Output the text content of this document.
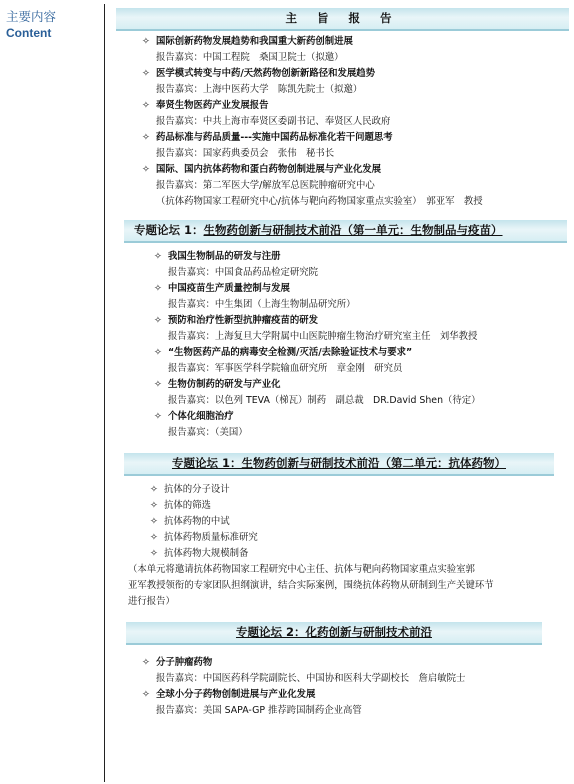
主要内容
Content
主 旨 报 告
✧ 国际创新药物发展趋势和我国重大新药创制进展
报告嘉宾：中国工程院　桑国卫院士（拟邀）
✧ 医学模式转变与中药/天然药物创新新路径和发展趋势
报告嘉宾：上海中医药大学　陈凯先院士（拟邀）
✧ 奉贤生物医药产业发展报告
报告嘉宾：中共上海市奉贤区委副书记、奉贤区人民政府
✧ 药品标准与药品质量---实施中国药品标准化若干问题思考
报告嘉宾：国家药典委员会　张伟　秘书长
✧ 国际、国内抗体药物和蛋白药物创制进展与产业化发展
报告嘉宾：第二军医大学/解放军总医院肿瘤研究中心
（抗体药物国家工程研究中心/抗体与靶向药物国家重点实验室）　郭亚军　教授
专题论坛 1：生物药创新与研制技术前沿（第一单元：生物制品与疫苗）
✧ 我国生物制品的研发与注册
报告嘉宾：中国食品药品检定研究院
✧ 中国疫苗生产质量控制与发展
报告嘉宾：中生集团（上海生物制品研究所）
✧ 预防和治疗性新型抗肿瘤疫苗的研发
报告嘉宾：上海复旦大学附属中山医院肿瘤生物治疗研究室主任　刘华教授
✧ “生物医药产品的病毒安全检测/灭活/去除验证技术与要求”
报告嘉宾：军事医学科学院输血研究所　章金刚　研究员
✧ 生物仿制药的研发与产业化
报告嘉宾：以色列 TEVA（梯瓦）制药　副总裁　DR.David Shen（待定）
✧ 个体化细胞治疗
报告嘉宾：（美国）
专题论坛 1：生物药创新与研制技术前沿（第二单元：抗体药物）
✧ 抗体的分子设计
✧ 抗体的筛选
✧ 抗体药物的中试
✧ 抗体药物质量标准研究
✧ 抗体药物大规模制备
（本单元将邀请抗体药物国家工程研究中心主任、抗体与靶向药物国家重点实验室郭
亚军教授领衔的专家团队担纲演讲，结合实际案例，围绕抗体药物从研制到生产关键环节
进行报告）
专题论坛 2：化药创新与研制技术前沿
✧ 分子肿瘤药物
报告嘉宾：中国医药科学院副院长、中国协和医科大学副校长　詹启敏院士
✧ 全球小分子药物创制进展与产业化发展
报告嘉宾：美国 SAPA-GP 推荐跨国制药企业高管
